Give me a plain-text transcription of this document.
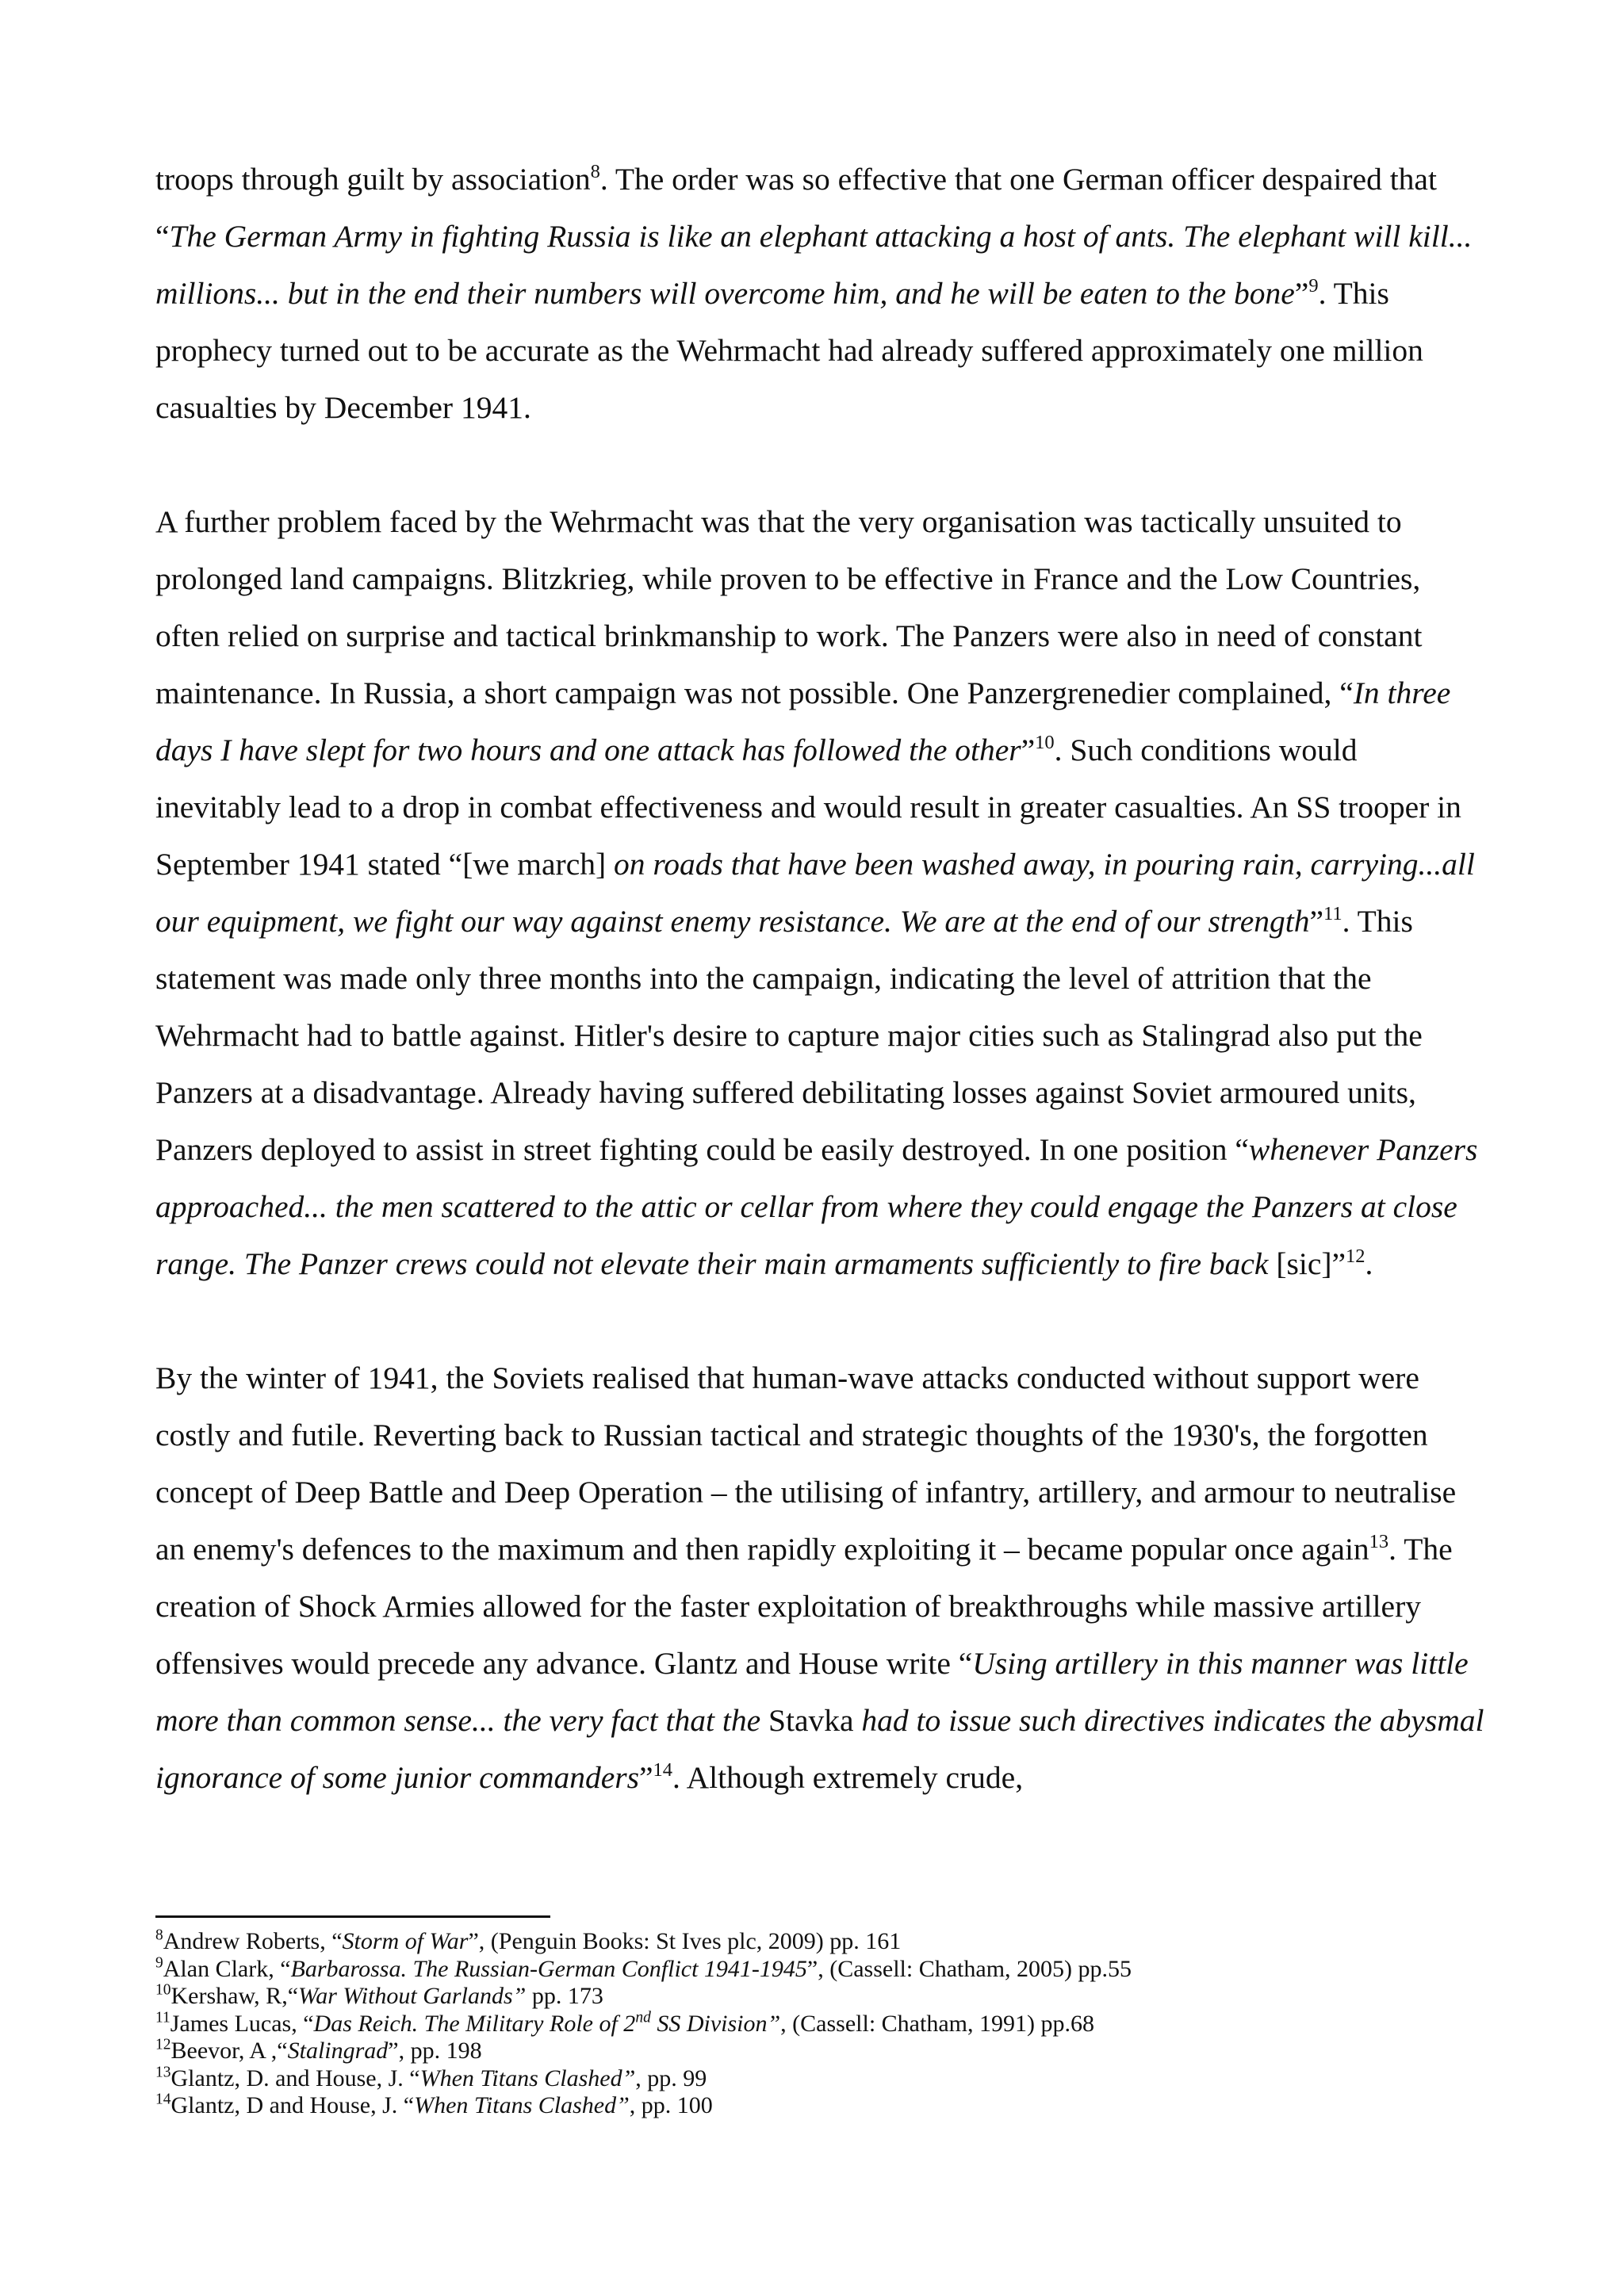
troops through guilt by association$^8$. The order was so effective that one German officer despaired that “The German Army in fighting Russia is like an elephant attacking a host of ants. The elephant will kill... millions... but in the end their numbers will overcome him, and he will be eaten to the bone”$^9$. This prophecy turned out to be accurate as the Wehrmacht had already suffered approximately one million casualties by December 1941.

A further problem faced by the Wehrmacht was that the very organisation was tactically unsuited to prolonged land campaigns. Blitzkrieg, while proven to be effective in France and the Low Countries, often relied on surprise and tactical brinkmanship to work. The Panzers were also in need of constant maintenance. In Russia, a short campaign was not possible. One Panzergrenedier complained, “In three days I have slept for two hours and one attack has followed the other”$^{10}$. Such conditions would inevitably lead to a drop in combat effectiveness and would result in greater casualties. An SS trooper in September 1941 stated “[we march] on roads that have been washed away, in pouring rain, carrying...all our equipment, we fight our way against enemy resistance. We are at the end of our strength”$^{11}$. This statement was made only three months into the campaign, indicating the level of attrition that the Wehrmacht had to battle against. Hitler's desire to capture major cities such as Stalingrad also put the Panzers at a disadvantage. Already having suffered debilitating losses against Soviet armoured units, Panzers deployed to assist in street fighting could be easily destroyed. In one position “whenever Panzers approached... the men scattered to the attic or cellar from where they could engage the Panzers at close range. The Panzer crews could not elevate their main armaments sufficiently to fire back [sic]”$^{12}$.

By the winter of 1941, the Soviets realised that human-wave attacks conducted without support were costly and futile. Reverting back to Russian tactical and strategic thoughts of the 1930's, the forgotten concept of Deep Battle and Deep Operation – the utilising of infantry, artillery, and armour to neutralise an enemy's defences to the maximum and then rapidly exploiting it – became popular once again$^{13}$. The creation of Shock Armies allowed for the faster exploitation of breakthroughs while massive artillery offensives would precede any advance. Glantz and House write “Using artillery in this manner was little more than common sense... the very fact that the Stavka had to issue such directives indicates the abysmal ignorance of some junior commanders”$^{14}$. Although extremely crude,

$^8$Andrew Roberts, “Storm of War”, (Penguin Books: St Ives plc, 2009) pp. 161
$^9$Alan Clark, “Barbarossa. The Russian-German Conflict 1941-1945”, (Cassell: Chatham, 2005) pp.55
$^{10}$Kershaw, R,“War Without Garlands” pp. 173
$^{11}$James Lucas, “Das Reich. The Military Role of 2nd SS Division”, (Cassell: Chatham, 1991) pp.68
$^{12}$Beevor, A ,“Stalingrad”, pp. 198
$^{13}$Glantz, D. and House, J. “When Titans Clashed”, pp. 99
$^{14}$Glantz, D and House, J. “When Titans Clashed”, pp. 100
